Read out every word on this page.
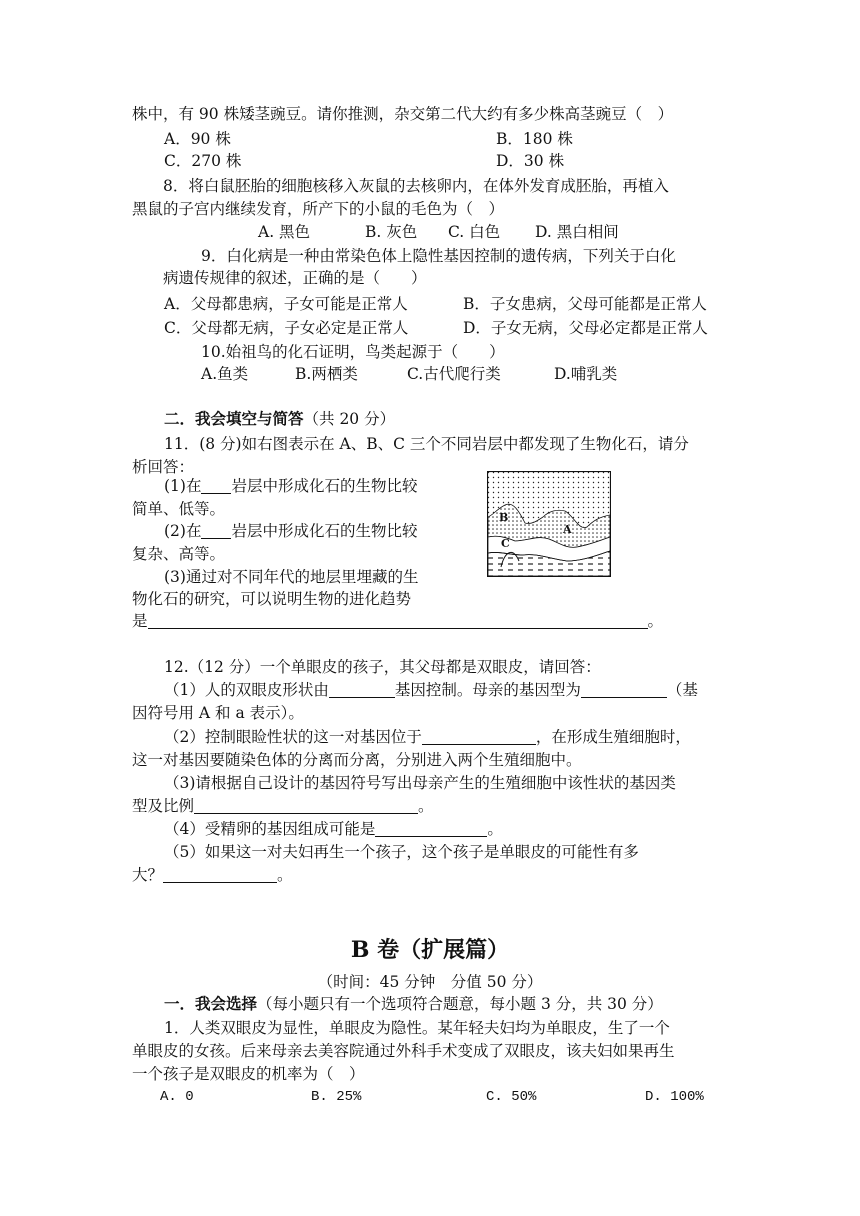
株中，有 90 株矮茎豌豆。请你推测，杂交第二代大约有多少株高茎豌豆（　）
A．90 株	B．180 株
C．270 株	D．30 株
8．将白鼠胚胎的细胞核移入灰鼠的去核卵内，在体外发育成胚胎，再植入
黑鼠的子宫内继续发育，所产下的小鼠的毛色为（　）
A. 黑色	B. 灰色 C. 白色 D. 黑白相间
9．白化病是一种由常染色体上隐性基因控制的遗传病，下列关于白化
病遗传规律的叙述，正确的是（　　）
A．父母都患病，子女可能是正常人	B．子女患病，父母可能都是正常人
C．父母都无病，子女必定是正常人	D．子女无病，父母必定都是正常人
10.始祖鸟的化石证明，鸟类起源于（　　）
A.鱼类	B.两栖类	C.古代爬行类	D.哺乳类
二．我会填空与简答（共 20 分）
11．(8 分)如右图表示在 A、B、C 三个不同岩层中都发现了生物化石，请分
析回答：
(1)在 岩层中形成化石的生物比较
简单、低等。
(2)在 岩层中形成化石的生物比较
复杂、高等。
(3)通过对不同年代的地层里埋藏的生
物化石的研究，可以说明生物的进化趋势
是	。
B
A
C
12.（12 分）一个单眼皮的孩子，其父母都是双眼皮，请回答：
（1）人的双眼皮形状由	基因控制。母亲的基因型为	（基
因符号用 A 和 a 表示）。
（2）控制眼睑性状的这一对基因位于	，在形成生殖细胞时，
这一对基因要随染色体的分离而分离，分别进入两个生殖细胞中。
（3)请根据自己设计的基因符号写出母亲产生的生殖细胞中该性状的基因类
型及比例	。
（4）受精卵的基因组成可能是	。
（5）如果这一对夫妇再生一个孩子，这个孩子是单眼皮的可能性有多
大？	。
B 卷（扩展篇）
（时间：45 分钟　分值 50 分）
一．我会选择（每小题只有一个选项符合题意，每小题 3 分，共 30 分）
1．人类双眼皮为显性，单眼皮为隐性。某年轻夫妇均为单眼皮，生了一个
单眼皮的女孩。后来母亲去美容院通过外科手术变成了双眼皮，该夫妇如果再生
一个孩子是双眼皮的机率为（　）
A. 0	B. 25%	C. 50%	D. 100%
